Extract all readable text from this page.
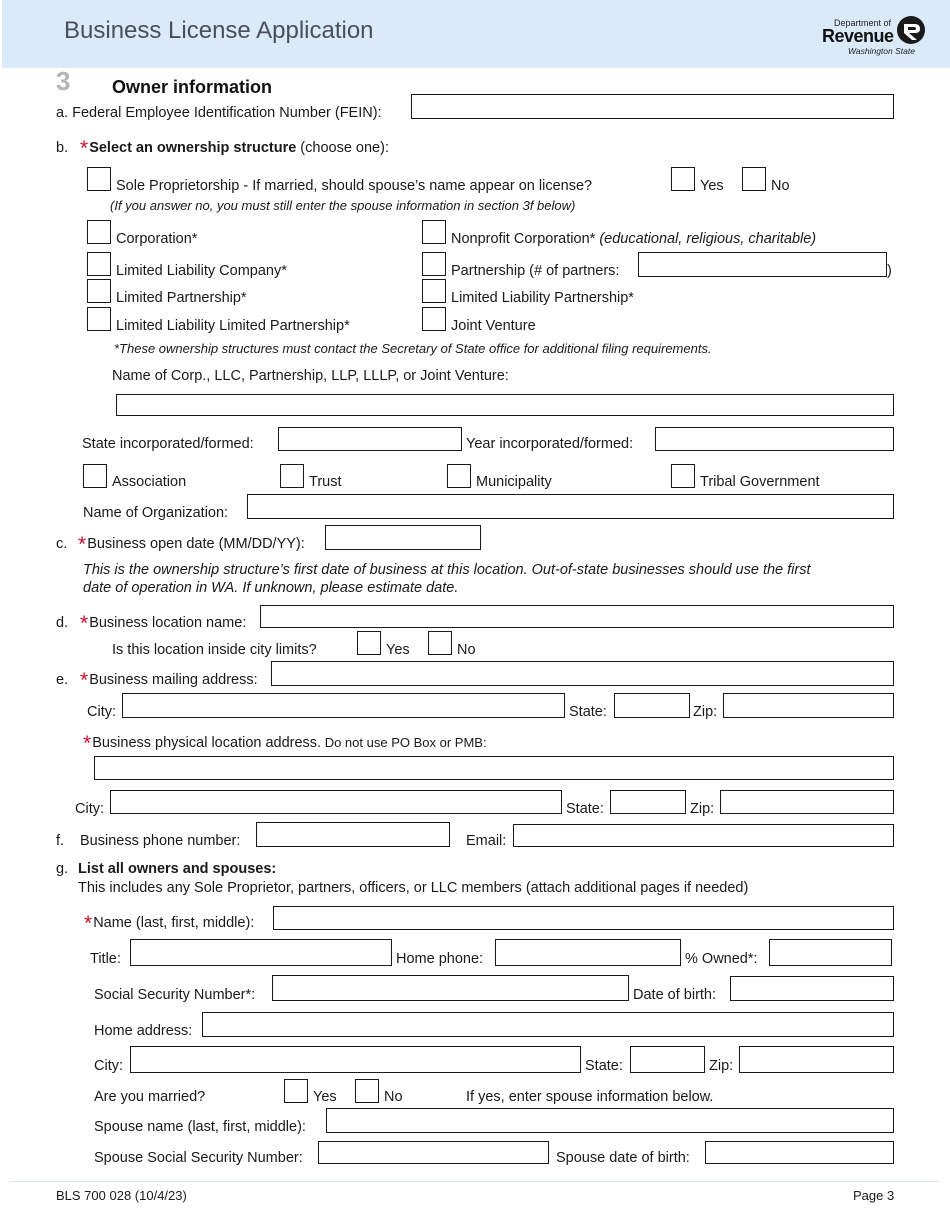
Business License Application	Department of
Revenue
Washington State
3 Owner information
a. Federal Employee Identification Number (FEIN):
b. *Select an ownership structure (choose one):
Sole Proprietorship - If married, should spouse’s name appear on license?	Yes	No
(If you answer no, you must still enter the spouse information in section 3f below)
Corporation*	Nonprofit Corporation* (educational, religious, charitable)
Limited Liability Company*	Partnership (# of partners:	)
Limited Partnership*	Limited Liability Partnership*
Limited Liability Limited Partnership*	Joint Venture
*These ownership structures must contact the Secretary of State office for additional filing requirements.
Name of Corp., LLC, Partnership, LLP, LLLP, or Joint Venture:
State incorporated/formed:	Year incorporated/formed:
Association	Trust	Municipality	Tribal Government
Name of Organization:
c. *Business open date (MM/DD/YY):
This is the ownership structure’s first date of business at this location. Out-of-state businesses should use the first
date of operation in WA. If unknown, please estimate date.
d. *Business location name:
Is this location inside city limits?	Yes	No
e. *Business mailing address:
City:	State:	Zip:
*Business physical location address. Do not use PO Box or PMB:
City:	State:	Zip:
f. Business phone number:	Email:
g. List all owners and spouses:
This includes any Sole Proprietor, partners, officers, or LLC members (attach additional pages if needed)
*Name (last, first, middle):
Title:	Home phone:	% Owned*:
Social Security Number*:	Date of birth:
Home address:
City:	State:	Zip:
Are you married?	Yes	No	If yes, enter spouse information below.
Spouse name (last, first, middle):
Spouse Social Security Number:	Spouse date of birth:
BLS 700 028 (10/4/23)	Page 3
